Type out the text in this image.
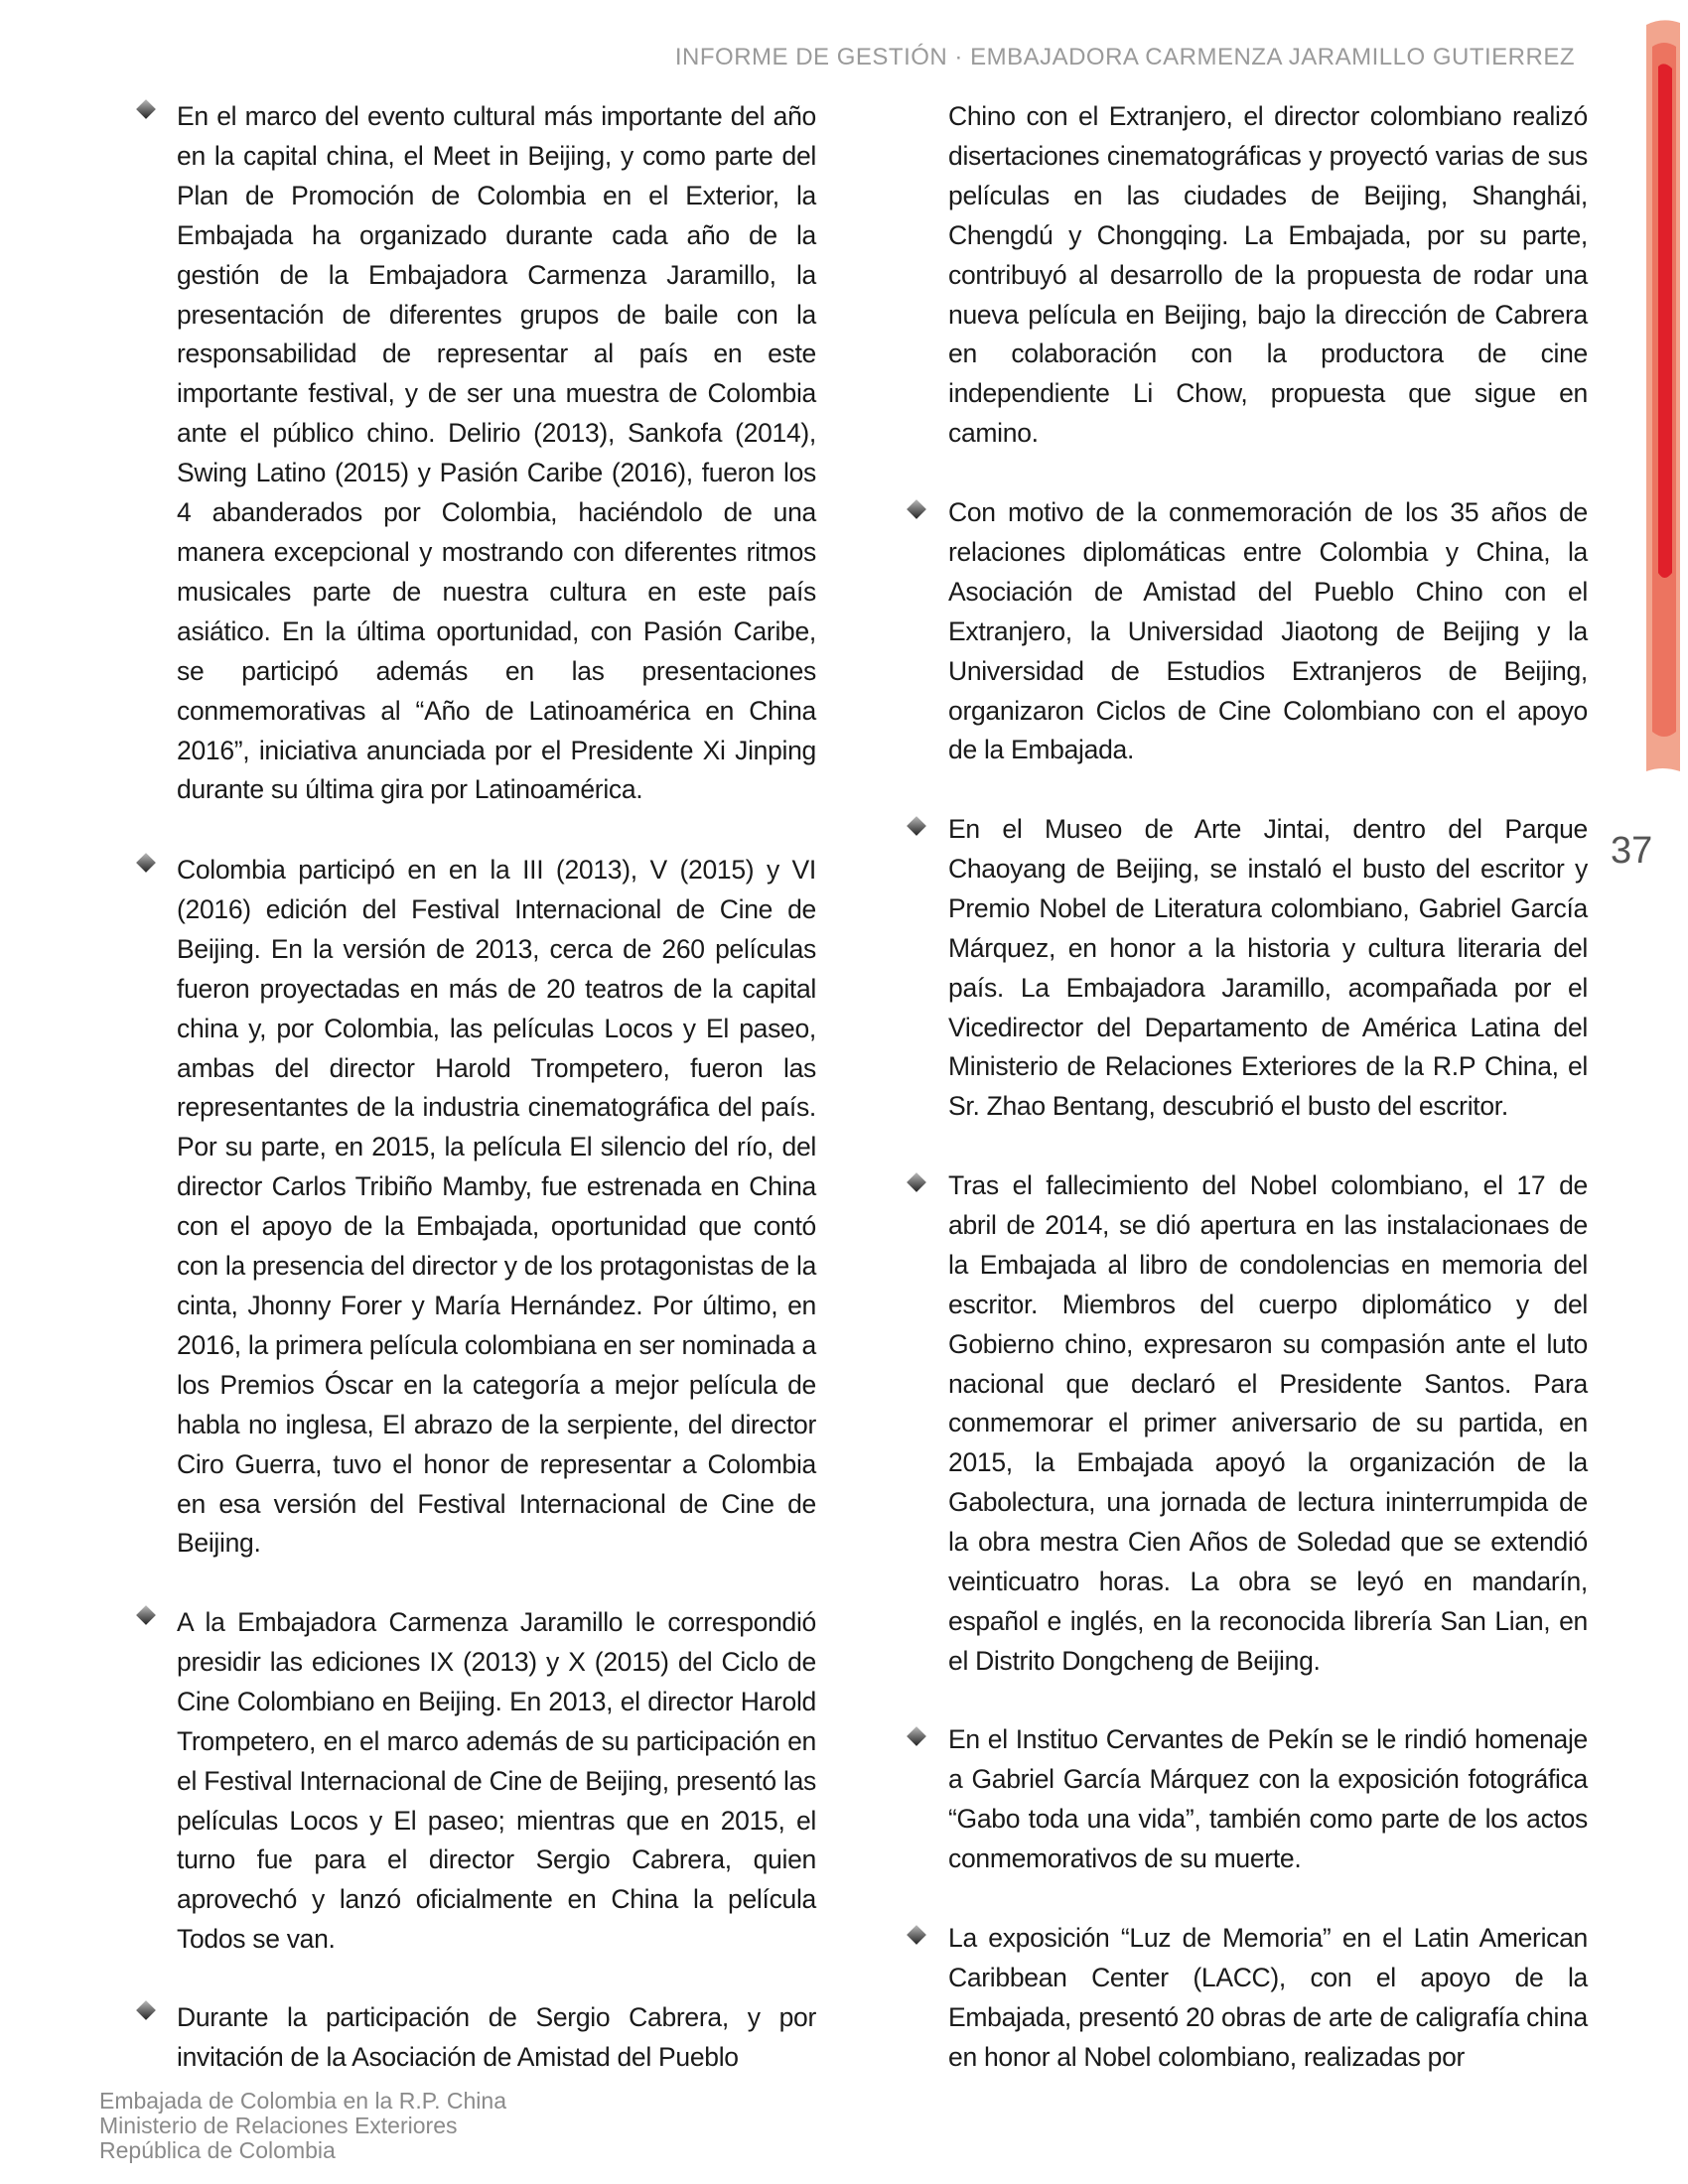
INFORME DE GESTIÓN · EMBAJADORA CARMENZA JARAMILLO GUTIERREZ
37

En el marco del evento cultural más importante del año en la capital china, el Meet in Beijing, y como parte del Plan de Promoción de Colombia en el Exterior, la Embajada ha organizado durante cada año de la gestión de la Embajadora Carmenza Jaramillo, la presentación de diferentes grupos de baile con la responsabilidad de representar al país en este importante festival, y de ser una muestra de Colombia ante el público chino. Delirio (2013), Sankofa (2014), Swing Latino (2015) y Pasión Caribe (2016), fueron los 4 abanderados por Colombia, haciéndolo de una manera excepcional y mostrando con diferentes ritmos musicales parte de nuestra cultura en este país asiático. En la última oportunidad, con Pasión Caribe, se participó además en las presentaciones conmemorativas al “Año de Latinoamérica en China 2016”, iniciativa anunciada por el Presidente Xi Jinping durante su última gira por Latinoamérica.

Colombia participó en en la III (2013), V (2015) y VI (2016) edición del Festival Internacional de Cine de Beijing. En la versión de 2013, cerca de 260 películas fueron proyectadas en más de 20 teatros de la capital china y, por Colombia, las películas Locos y El paseo, ambas del director Harold Trompetero, fueron las representantes de la industria cinematográfica del país. Por su parte, en 2015, la película El silencio del río, del director Carlos Tribiño Mamby, fue estrenada en China con el apoyo de la Embajada, oportunidad que contó con la presencia del director y de los protagonistas de la cinta, Jhonny Forer y María Hernández. Por último, en 2016, la primera película colombiana en ser nominada a los Premios Óscar en la categoría a mejor película de habla no inglesa, El abrazo de la serpiente, del director Ciro Guerra, tuvo el honor de representar a Colombia en esa versión del Festival Internacional de Cine de Beijing.

A la Embajadora Carmenza Jaramillo le correspondió presidir las ediciones IX (2013) y X (2015) del Ciclo de Cine Colombiano en Beijing. En 2013, el director Harold Trompetero, en el marco además de su participación en el Festival Internacional de Cine de Beijing, presentó las películas Locos y El paseo; mientras que en 2015, el turno fue para el director Sergio Cabrera, quien aprovechó y lanzó oficialmente en China la película Todos se van.

Durante la participación de Sergio Cabrera, y por invitación de la Asociación de Amistad del Pueblo

Chino con el Extranjero, el director colombiano realizó disertaciones cinematográficas y proyectó varias de sus películas en las ciudades de Beijing, Shanghái, Chengdú y Chongqing. La Embajada, por su parte, contribuyó al desarrollo de la propuesta de rodar una nueva película en Beijing, bajo la dirección de Cabrera en colaboración con la productora de cine independiente Li Chow, propuesta que sigue en camino.

Con motivo de la conmemoración de los 35 años de relaciones diplomáticas entre Colombia y China, la Asociación de Amistad del Pueblo Chino con el Extranjero, la Universidad Jiaotong de Beijing y la Universidad de Estudios Extranjeros de Beijing, organizaron Ciclos de Cine Colombiano con el apoyo de la Embajada.

En el Museo de Arte Jintai, dentro del Parque Chaoyang de Beijing, se instaló el busto del escritor y Premio Nobel de Literatura colombiano, Gabriel García Márquez, en honor a la historia y cultura literaria del país. La Embajadora Jaramillo, acompañada por el Vicedirector del Departamento de América Latina del Ministerio de Relaciones Exteriores de la R.P China, el Sr. Zhao Bentang, descubrió el busto del escritor.

Tras el fallecimiento del Nobel colombiano, el 17 de abril de 2014, se dió apertura en las instalacionaes de la Embajada al libro de condolencias en memoria del escritor. Miembros del cuerpo diplomático y del Gobierno chino, expresaron su compasión ante el luto nacional que declaró el Presidente Santos. Para conmemorar el primer aniversario de su partida, en 2015, la Embajada apoyó la organización de la Gabolectura, una jornada de lectura ininterrumpida de la obra mestra Cien Años de Soledad que se extendió veinticuatro horas. La obra se leyó en mandarín, español e inglés, en la reconocida librería San Lian, en el Distrito Dongcheng de Beijing.

En el Instituo Cervantes de Pekín se le rindió homenaje a Gabriel García Márquez con la exposición fotográfica “Gabo toda una vida”, también como parte de los actos conmemorativos de su muerte.

La exposición “Luz de Memoria” en el Latin American Caribbean Center (LACC), con el apoyo de la Embajada, presentó 20 obras de arte de caligrafía china en honor al Nobel colombiano, realizadas por

Embajada de Colombia en la R.P. China
Ministerio de Relaciones Exteriores
República de Colombia
